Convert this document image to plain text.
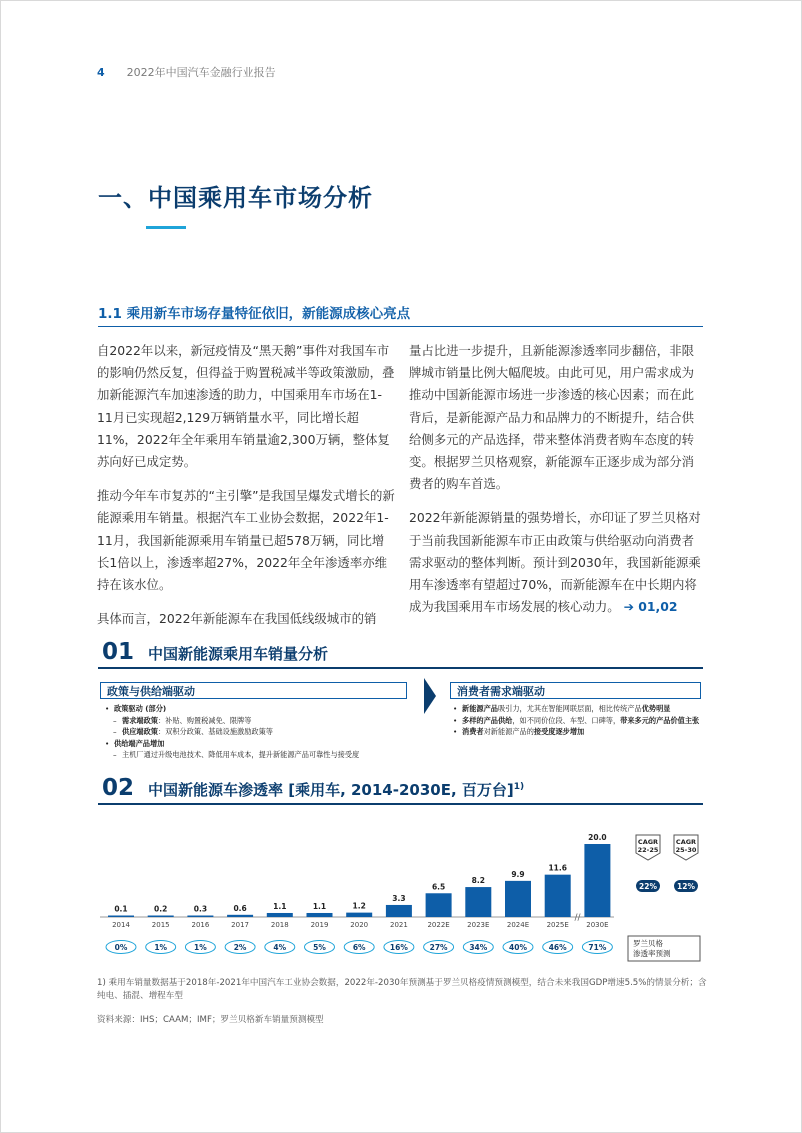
4 2022年中国汽车金融行业报告
一、中国乘用车市场分析
1.1 乘用新车市场存量特征依旧，新能源成核心亮点

自2022年以来，新冠疫情及“黑天鹅”事件对我国车市的影响仍然反复，但得益于购置税减半等政策激励，叠加新能源汽车加速渗透的助力，中国乘用车市场在1-11月已实现超2,129万辆销量水平，同比增长超11%，2022年全年乘用车销量逾2,300万辆，整体复苏向好已成定势。

推动今年车市复苏的“主引擎”是我国呈爆发式增长的新能源乘用车销量。根据汽车工业协会数据，2022年1-11月，我国新能源乘用车销量已超578万辆，同比增长1倍以上，渗透率超27%，2022年全年渗透率亦维持在该水位。

具体而言，2022年新能源车在我国低线级城市的销

量占比进一步提升，且新能源渗透率同步翻倍，非限牌城市销量比例大幅爬坡。由此可见，用户需求成为推动中国新能源市场进一步渗透的核心因素；而在此背后，是新能源产品力和品牌力的不断提升，结合供给侧多元的产品选择，带来整体消费者购车态度的转变。根据罗兰贝格观察，新能源车正逐步成为部分消费者的购车首选。

2022年新能源销量的强势增长，亦印证了罗兰贝格对于当前我国新能源车市正由政策与供给驱动向消费者需求驱动的整体判断。预计到2030年，我国新能源乘用车渗透率有望超过70%，而新能源车在中长期内将成为我国乘用车市场发展的核心动力。 ➔ 01,02

01 中国新能源乘用车销量分析
政策与供给端驱动
• 政策驱动 (部分)
– 需求端政策：补贴、购置税减免、限牌等
– 供应端政策：双积分政策、基础设施激励政策等
• 供给端产品增加
– 主机厂通过升级电池技术、降低用车成本，提升新能源产品可靠性与接受度
消费者需求端驱动
• 新能源产品吸引力，尤其在智能网联层面，相比传统产品优势明显
• 多样的产品供给，如不同价位段、车型、口碑等，带来多元的产品价值主张
• 消费者对新能源产品的接受度逐步增加
02 中国新能源车渗透率 [乘用车, 2014-2030E, 百万台]$^{1)}$
0.1
2014
0%
0.2
2015
1%
0.3
2016
1%
0.6
2017
2%
1.1
2018
4%
1.1
2019
5%
1.2
2020
6%
3.3
2021
16%
6.5
2022E
27%
8.2
2023E
34%
9.9
2024E
40%
11.6
2025E
46%
20.0
2030E
71%
//
CAGR
22-25
22%
CAGR
25-30
12%
罗兰贝格
渗透率预测
1) 乘用车销量数据基于2018年-2021年中国汽车工业协会数据，2022年-2030年预测基于罗兰贝格疫情预测模型，结合未来我国GDP增速5.5%的情景分析；含纯电、插混、增程车型
资料来源：IHS；CAAM；IMF；罗兰贝格新车销量预测模型
